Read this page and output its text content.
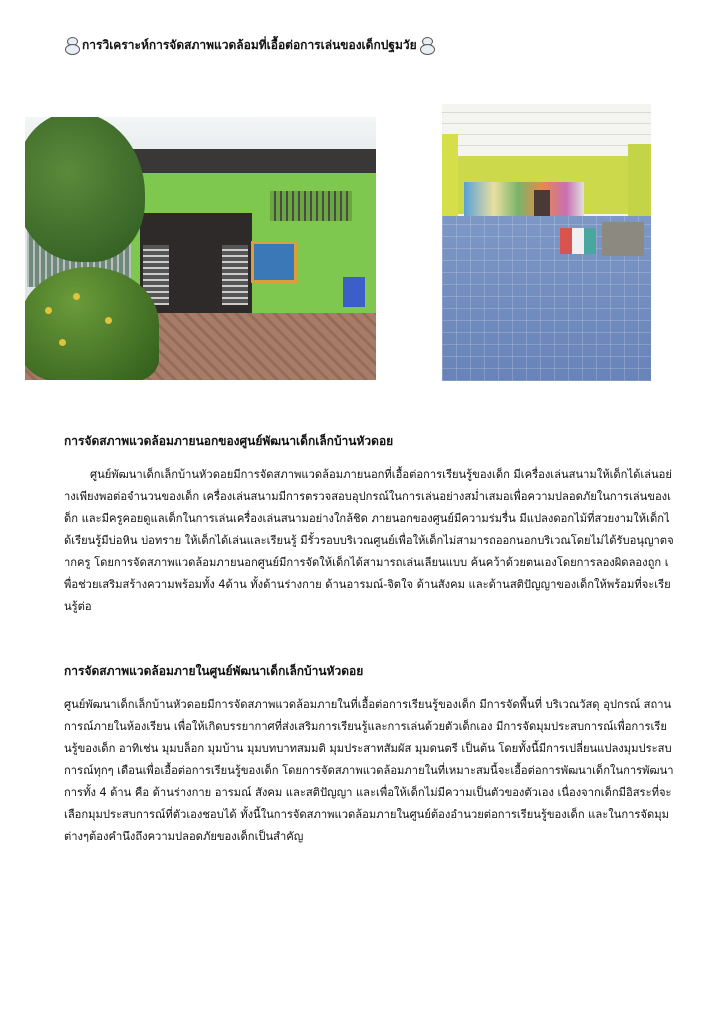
การวิเคราะห์การจัดสภาพแวดล้อมที่เอื้อต่อการเล่นของเด็กปฐมวัย
การจัดสภาพแวดล้อมภายนอกของศูนย์พัฒนาเด็กเล็กบ้านหัวดอย

ศูนย์พัฒนาเด็กเล็กบ้านหัวดอยมีการจัดสภาพแวดล้อมภายนอกที่เอื้อต่อการเรียนรู้ของเด็ก มีเครื่องเล่นสนามให้เด็กได้เล่นอย่างเพียงพอต่อจำนวนของเด็ก เครื่องเล่นสนามมีการตรวจสอบอุปกรณ์ในการเล่นอย่างสม่ำเสมอเพื่อความปลอดภัยในการเล่นของเด็ก และมีครูคอยดูแลเด็กในการเล่นเครื่องเล่นสนามอย่างใกล้ชิด ภายนอกของศูนย์มีความร่มรื่น มีแปลงดอกไม้ที่สวยงามให้เด็กได้เรียนรู้มีบ่อหิน บ่อทราย ให้เด็กได้เล่นและเรียนรู้ มีรั้วรอบบริเวณศูนย์เพื่อให้เด็กไม่สามารถออกนอกบริเวณโดยไม่ได้รับอนุญาตจากครู โดยการจัดสภาพแวดล้อมภายนอกศูนย์มีการจัดให้เด็กได้สามารถเล่นเลียนแบบ ค้นคว้าด้วยตนเองโดยการลองผิดลองถูก เพื่อช่วยเสริมสร้างความพร้อมทั้ง 4ด้าน ทั้งด้านร่างกาย ด้านอารมณ์-จิตใจ ด้านสังคม และด้านสติปัญญาของเด็กให้พร้อมที่จะเรียนรู้ต่อ

การจัดสภาพแวดล้อมภายในศูนย์พัฒนาเด็กเล็กบ้านหัวดอย

ศูนย์พัฒนาเด็กเล็กบ้านหัวดอยมีการจัดสภาพแวดล้อมภายในที่เอื้อต่อการเรียนรู้ของเด็ก มีการจัดพื้นที่ บริเวณวัสดุ อุปกรณ์ สถานการณ์ภายในห้องเรียน เพื่อให้เกิดบรรยากาศที่ส่งเสริมการเรียนรู้และการเล่นด้วยตัวเด็กเอง มีการจัดมุมประสบการณ์เพื่อการเรียนรู้ของเด็ก อาทิเช่น มุมบล็อก มุมบ้าน มุมบทบาทสมมติ มุมประสาทสัมผัส มุมดนตรี เป็นต้น โดยทั้งนี้มีการเปลี่ยนแปลงมุมประสบการณ์ทุกๆ เดือนเพื่อเอื้อต่อการเรียนรู้ของเด็ก โดยการจัดสภาพแวดล้อมภายในที่เหมาะสมนี้จะเอื้อต่อการพัฒนาเด็กในการพัฒนาการทั้ง 4 ด้าน คือ ด้านร่างกาย อารมณ์ สังคม และสติปัญญา และเพื่อให้เด็กไม่มีความเป็นตัวของตัวเอง เนื่องจากเด็กมีอิสระที่จะเลือกมุมประสบการณ์ที่ตัวเองชอบได้ ทั้งนี้ในการจัดสภาพแวดล้อมภายในศูนย์ต้องอำนวยต่อการเรียนรู้ของเด็ก และในการจัดมุมต่างๆต้องคำนึงถึงความปลอดภัยของเด็กเป็นสำคัญ
